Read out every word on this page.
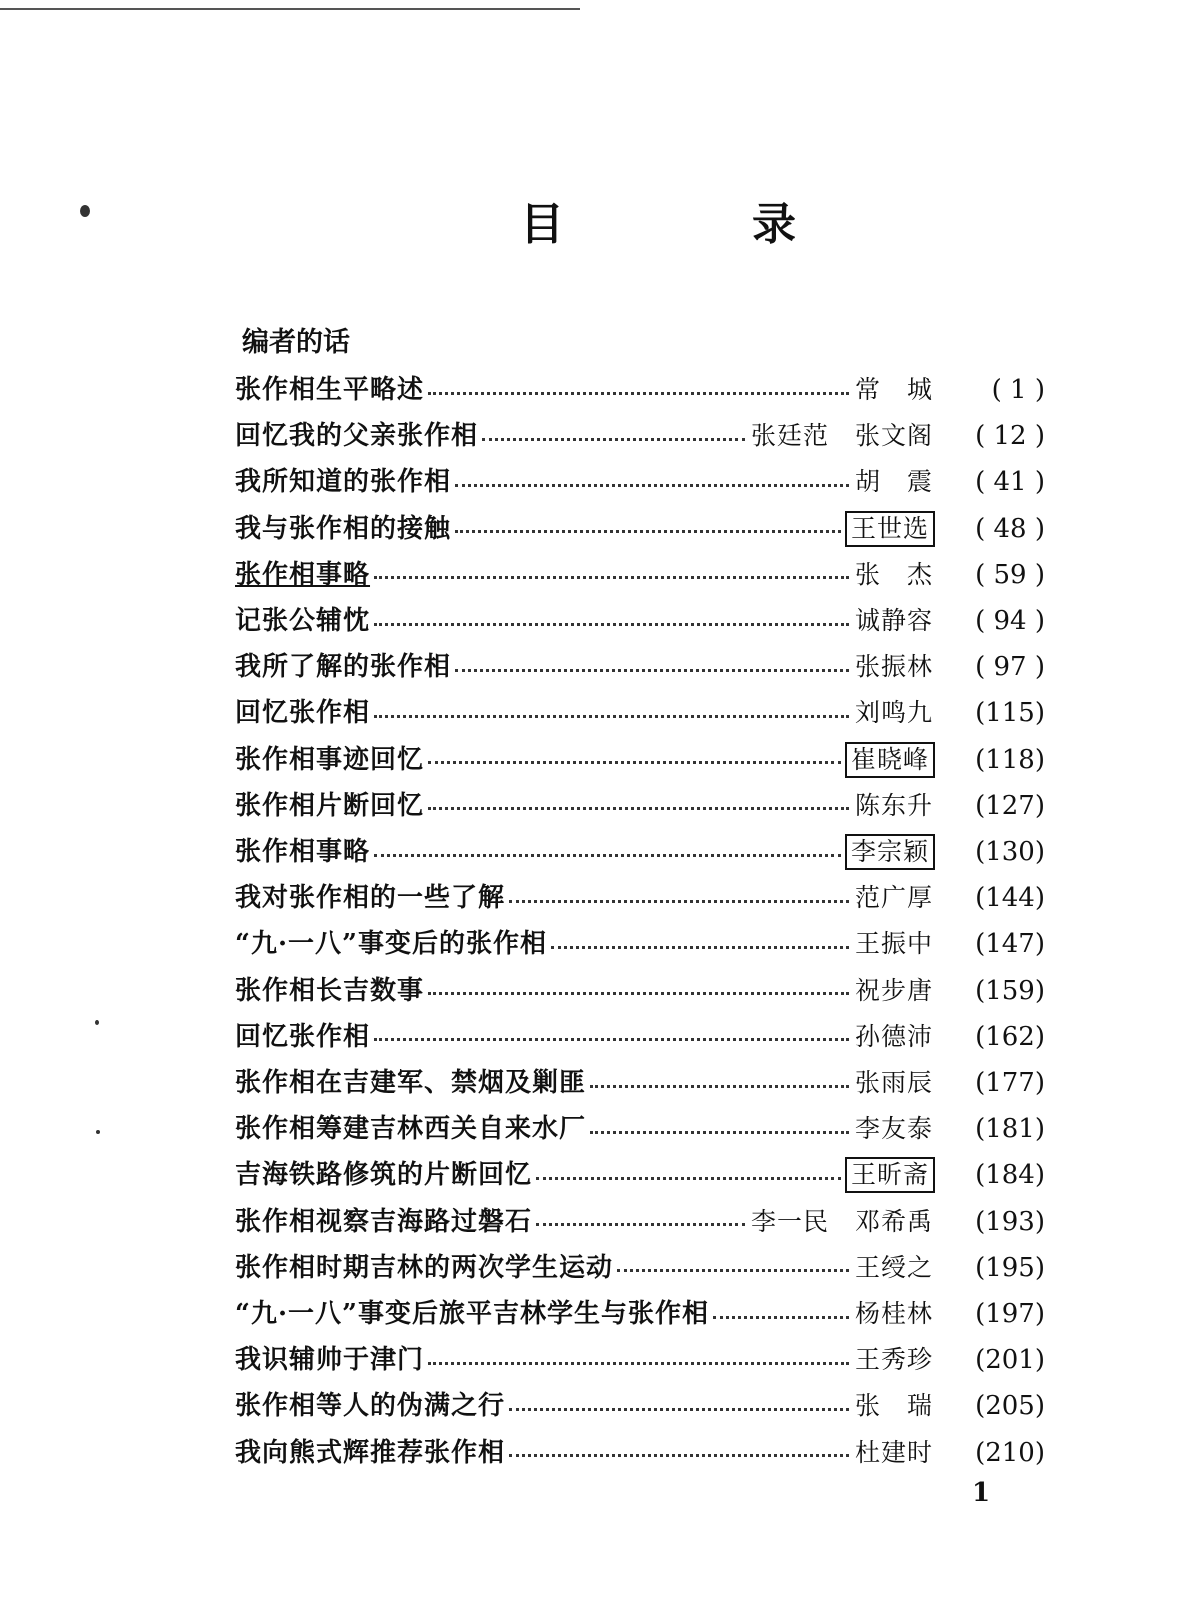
目	录
编者的话
张作相生平略述	常　城	( 1 )
回忆我的父亲张作相	张廷范　张文阁	( 12 )
我所知道的张作相	胡　震	( 41 )
我与张作相的接触	王世选	( 48 )
张作相事略	张　杰	( 59 )
记张公辅忱	诚静容	( 94 )
我所了解的张作相	张振林	( 97 )
回忆张作相	刘鸣九	(115)
张作相事迹回忆	崔晓峰	(118)
张作相片断回忆	陈东升	(127)
张作相事略	李宗颖	(130)
我对张作相的一些了解	范广厚	(144)
“九·一八”事变后的张作相	王振中	(147)
张作相长吉数事	祝步唐	(159)
回忆张作相	孙德沛	(162)
张作相在吉建军、禁烟及剿匪	张雨辰	(177)
张作相筹建吉林西关自来水厂	李友泰	(181)
吉海铁路修筑的片断回忆	王昕斋	(184)
张作相视察吉海路过磐石	李一民　邓希禹	(193)
张作相时期吉林的两次学生运动	王绶之	(195)
“九·一八”事变后旅平吉林学生与张作相	杨桂林	(197)
我识辅帅于津门	王秀珍	(201)
张作相等人的伪满之行	张　瑞	(205)
我向熊式辉推荐张作相	杜建时	(210)
1
